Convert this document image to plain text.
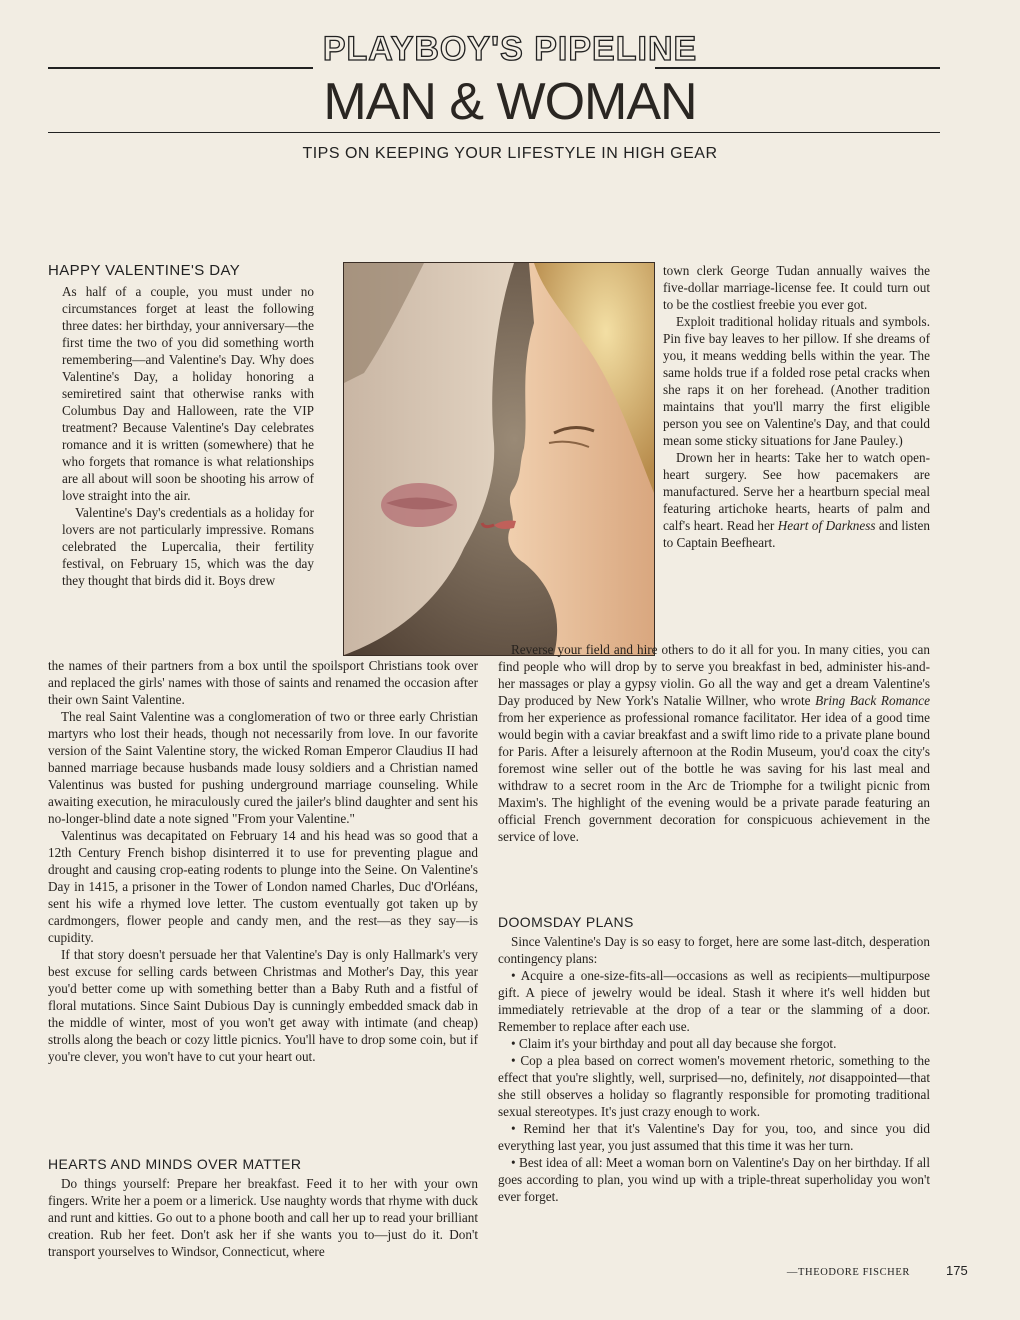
PLAYBOY'S PIPELINE
MAN & WOMAN
TIPS ON KEEPING YOUR LIFESTYLE IN HIGH GEAR
HAPPY VALENTINE'S DAY

As half of a couple, you must under no circumstances forget at least the following three dates: her birthday, your anniversary—the first time the two of you did something worth remembering—and Valentine's Day. Why does Valentine's Day, a holiday honoring a semiretired saint that otherwise ranks with Columbus Day and Halloween, rate the VIP treatment? Because Valentine's Day celebrates romance and it is written (somewhere) that he who forgets that romance is what relationships are all about will soon be shooting his arrow of love straight into the air.

Valentine's Day's credentials as a holiday for lovers are not particularly impressive. Romans celebrated the Lupercalia, their fertility festival, on February 15, which was the day they thought that birds did it. Boys drew

the names of their partners from a box until the spoilsport Christians took over and replaced the girls' names with those of saints and renamed the occasion after their own Saint Valentine.

The real Saint Valentine was a conglomeration of two or three early Christian martyrs who lost their heads, though not necessarily from love. In our favorite version of the Saint Valentine story, the wicked Roman Emperor Claudius II had banned marriage because husbands made lousy soldiers and a Christian named Valentinus was busted for pushing underground marriage counseling. While awaiting execution, he miraculously cured the jailer's blind daughter and sent his no-longer-blind date a note signed "From your Valentine."

Valentinus was decapitated on February 14 and his head was so good that a 12th Century French bishop disinterred it to use for preventing plague and drought and causing crop-eating rodents to plunge into the Seine. On Valentine's Day in 1415, a prisoner in the Tower of London named Charles, Duc d'Orléans, sent his wife a rhymed love letter. The custom eventually got taken up by cardmongers, flower people and candy men, and the rest—as they say—is cupidity.

If that story doesn't persuade her that Valentine's Day is only Hallmark's very best excuse for selling cards between Christmas and Mother's Day, this year you'd better come up with something better than a Baby Ruth and a fistful of floral mutations. Since Saint Dubious Day is cunningly embedded smack dab in the middle of winter, most of you won't get away with intimate (and cheap) strolls along the beach or cozy little picnics. You'll have to drop some coin, but if you're clever, you won't have to cut your heart out.

HEARTS AND MINDS OVER MATTER

Do things yourself: Prepare her breakfast. Feed it to her with your own fingers. Write her a poem or a limerick. Use naughty words that rhyme with duck and runt and kitties. Go out to a phone booth and call her up to read your brilliant creation. Rub her feet. Don't ask her if she wants you to—just do it. Don't transport yourselves to Windsor, Connecticut, where

town clerk George Tudan annually waives the five-dollar marriage-license fee. It could turn out to be the costliest freebie you ever got.

Exploit traditional holiday rituals and symbols. Pin five bay leaves to her pillow. If she dreams of you, it means wedding bells within the year. The same holds true if a folded rose petal cracks when she raps it on her forehead. (Another tradition maintains that you'll marry the first eligible person you see on Valentine's Day, and that could mean some sticky situations for Jane Pauley.)

Drown her in hearts: Take her to watch open-heart surgery. See how pacemakers are manufactured. Serve her a heartburn special meal featuring artichoke hearts, hearts of palm and calf's heart. Read her Heart of Darkness and listen to Captain Beefheart.

Reverse your field and hire others to do it all for you. In many cities, you can find people who will drop by to serve you breakfast in bed, administer his-and-her massages or play a gypsy violin. Go all the way and get a dream Valentine's Day produced by New York's Natalie Willner, who wrote Bring Back Romance from her experience as professional romance facilitator. Her idea of a good time would begin with a caviar breakfast and a swift limo ride to a private plane bound for Paris. After a leisurely afternoon at the Rodin Museum, you'd coax the city's foremost wine seller out of the bottle he was saving for his last meal and withdraw to a secret room in the Arc de Triomphe for a twilight picnic from Maxim's. The highlight of the evening would be a private parade featuring an official French government decoration for conspicuous achievement in the service of love.

DOOMSDAY PLANS

Since Valentine's Day is so easy to forget, here are some last-ditch, desperation contingency plans:

• Acquire a one-size-fits-all—occasions as well as recipients—multipurpose gift. A piece of jewelry would be ideal. Stash it where it's well hidden but immediately retrievable at the drop of a tear or the slamming of a door. Remember to replace after each use.

• Claim it's your birthday and pout all day because she forgot.

• Cop a plea based on correct women's movement rhetoric, something to the effect that you're slightly, well, surprised—no, definitely, not disappointed—that she still observes a holiday so flagrantly responsible for promoting traditional sexual stereotypes. It's just crazy enough to work.

• Remind her that it's Valentine's Day for you, too, and since you did everything last year, you just assumed that this time it was her turn.

• Best idea of all: Meet a woman born on Valentine's Day on her birthday. If all goes according to plan, you wind up with a triple-threat superholiday you won't ever forget.

—THEODORE FISCHER	175
